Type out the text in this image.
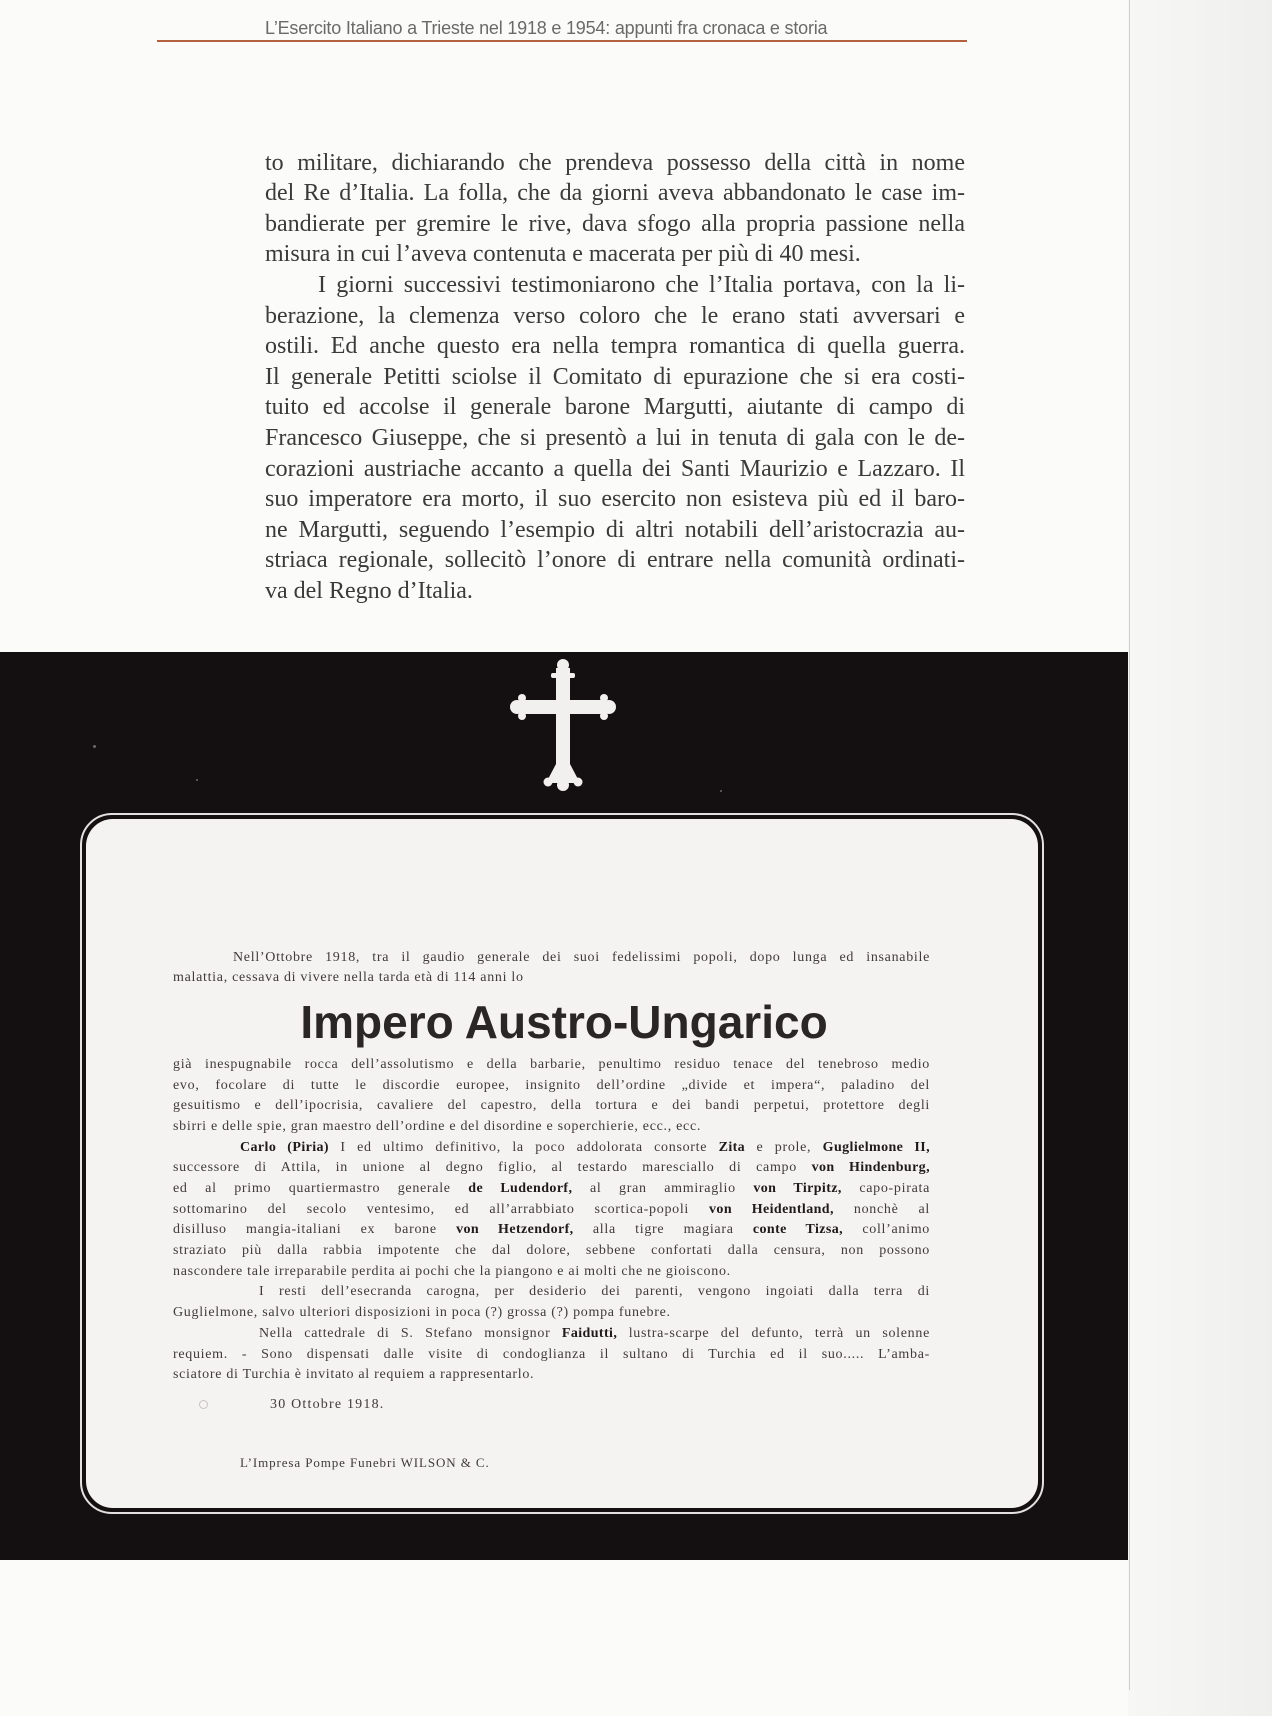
L’Esercito Italiano a Trieste nel 1918 e 1954: appunti fra cronaca e storia
to militare, dichiarando che prendeva possesso della città in nome
del Re d’Italia. La folla, che da giorni aveva abbandonato le case im-
bandierate per gremire le rive, dava sfogo alla propria passione nella
misura in cui l’aveva contenuta e macerata per più di 40 mesi.
I giorni successivi testimoniarono che l’Italia portava, con la li-
berazione, la clemenza verso coloro che le erano stati avversari e
ostili. Ed anche questo era nella tempra romantica di quella guerra.
Il generale Petitti sciolse il Comitato di epurazione che si era costi-
tuito ed accolse il generale barone Margutti, aiutante di campo di
Francesco Giuseppe, che si presentò a lui in tenuta di gala con le de-
corazioni austriache accanto a quella dei Santi Maurizio e Lazzaro. Il
suo imperatore era morto, il suo esercito non esisteva più ed il baro-
ne Margutti, seguendo l’esempio di altri notabili dell’aristocrazia au-
striaca regionale, sollecitò l’onore di entrare nella comunità ordinati-
va del Regno d’Italia.
Nell’Ottobre 1918, tra il gaudio generale dei suoi fedelissimi popoli, dopo lunga ed insanabile
malattia, cessava di vivere nella tarda età di 114 anni lo
Impero Austro-Ungarico
già inespugnabile rocca dell’assolutismo e della barbarie, penultimo residuo tenace del tenebroso medio
evo, focolare di tutte le discordie europee, insignito dell’ordine „divide et impera“, paladino del
gesuitismo e dell’ipocrisia, cavaliere del capestro, della tortura e dei bandi perpetui, protettore degli
sbirri e delle spie, gran maestro dell’ordine e del disordine e soperchierie, ecc., ecc.
Carlo (Piria) I ed ultimo definitivo, la poco addolorata consorte Zita e prole, Guglielmone II,
successore di Attila, in unione al degno figlio, al testardo maresciallo di campo von Hindenburg,
ed al primo quartiermastro generale de Ludendorf, al gran ammiraglio von Tirpitz, capo-pirata
sottomarino del secolo ventesimo, ed all’arrabbiato scortica-popoli von Heidentland, nonchè al
disilluso mangia-italiani ex barone von Hetzendorf, alla tigre magiara conte Tizsa, coll’animo
straziato più dalla rabbia impotente che dal dolore, sebbene confortati dalla censura, non possono
nascondere tale irreparabile perdita ai pochi che la piangono e ai molti che ne gioiscono.
I resti dell’esecranda carogna, per desiderio dei parenti, vengono ingoiati dalla terra di
Guglielmone, salvo ulteriori disposizioni in poca (?) grossa (?) pompa funebre.
Nella cattedrale di S. Stefano monsignor Faidutti, lustra-scarpe del defunto, terrà un solenne
requiem. - Sono dispensati dalle visite di condoglianza il sultano di Turchia ed il suo..... L’amba-
sciatore di Turchia è invitato al requiem a rappresentarlo.
30 Ottobre 1918.
L’Impresa Pompe Funebri WILSON & C.
